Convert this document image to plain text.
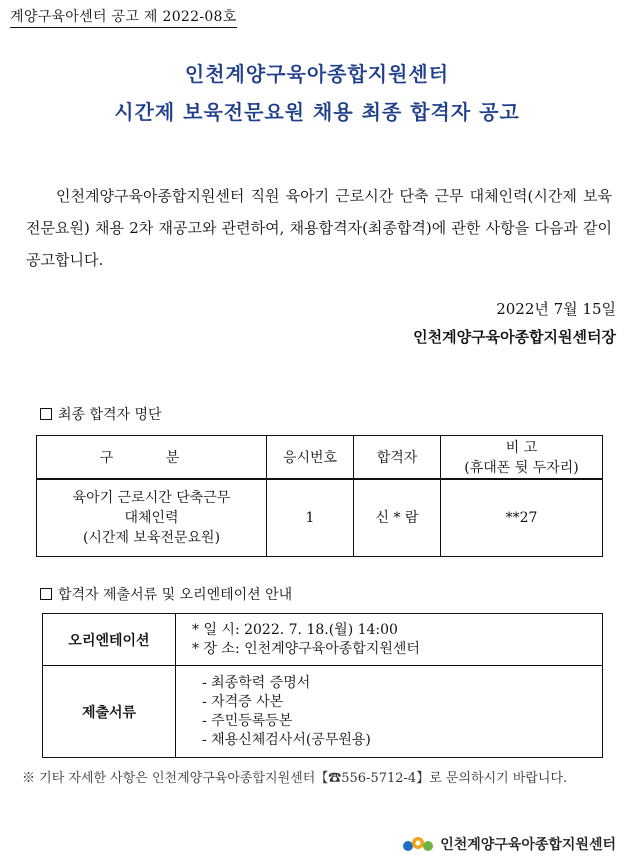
계양구육아센터 공고 제 2022-08호
인천계양구육아종합지원센터
시간제 보육전문요원 채용 최종 합격자 공고
인천계양구육아종합지원센터 직원 육아기 근로시간 단축 근무 대체인력(시간제 보육전문요원) 채용 2차 재공고와 관련하여, 채용합격자(최종합격)에 관한 사항을 다음과 같이 공고합니다.
2022년 7월 15일
인천계양구육아종합지원센터장
최종 합격자 명단
구 분	응시번호	합격자	비 고
(휴대폰 뒷 두자리)

육아기 근로시간 단축근무
대체인력
(시간제 보육전문요원)	1	신 * 람	**27
합격자 제출서류 및 오리엔테이션 안내
오리엔테이션	* 일 시: 2022. 7. 18.(월) 14:00
* 장 소: 인천계양구육아종합지원센터

제출서류	- 최종학력 증명서
- 자격증 사본
- 주민등록등본
- 채용신체검사서(공무원용)
※ 기타 자세한 사항은 인천계양구육아종합지원센터【☎556-5712-4】로 문의하시기 바랍니다.
인천계양구육아종합지원센터
